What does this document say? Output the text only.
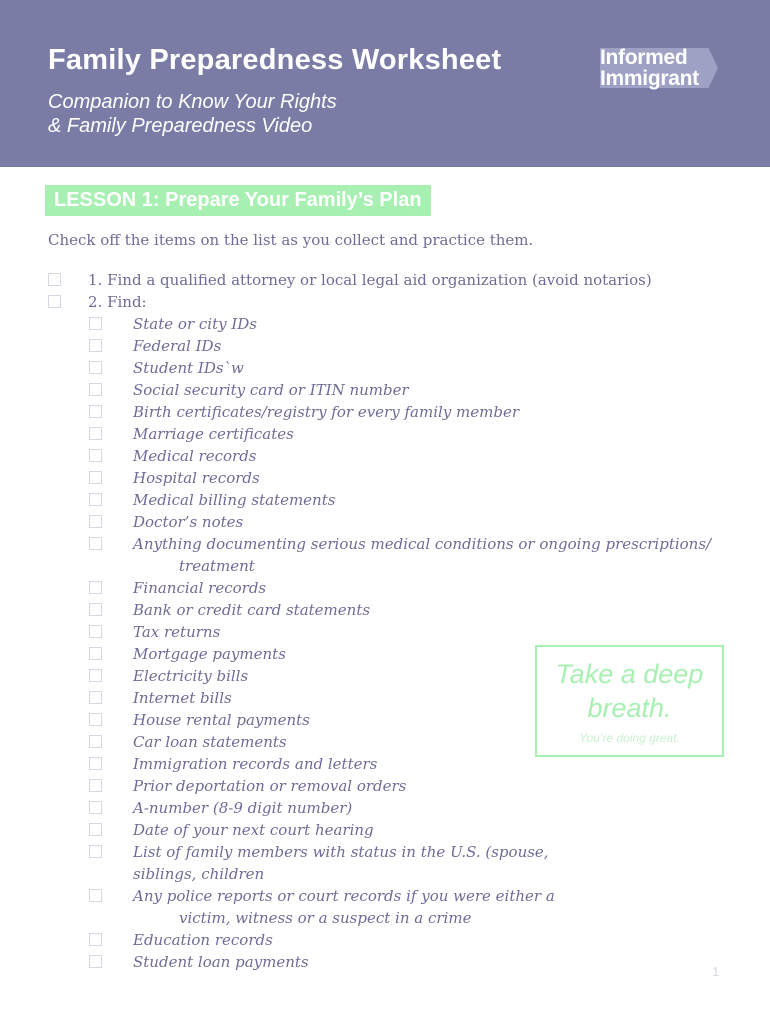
Family Preparedness Worksheet
Companion to Know Your Rights
& Family Preparedness Video
Informed
Immigrant
LESSON 1: Prepare Your Family’s Plan
Check off the items on the list as you collect and practice them.
1. Find a qualified attorney or local legal aid organization (avoid notarios)
2. Find:
State or city IDs
Federal IDs
Student IDs`w
Social security card or ITIN number
Birth certificates/registry for every family member
Marriage certificates
Medical records
Hospital records
Medical billing statements
Doctor’s notes
Anything documenting serious medical conditions or ongoing prescriptions/
treatment
Financial records
Bank or credit card statements
Tax returns
Mortgage payments
Electricity bills
Internet bills
House rental payments
Car loan statements
Immigration records and letters
Prior deportation or removal orders
A-number (8-9 digit number)
Date of your next court hearing
List of family members with status in the U.S. (spouse,
siblings, children
Any police reports or court records if you were either a
victim, witness or a suspect in a crime
Education records
Student loan payments
Take a deep
breath.
You’re doing great.
1
